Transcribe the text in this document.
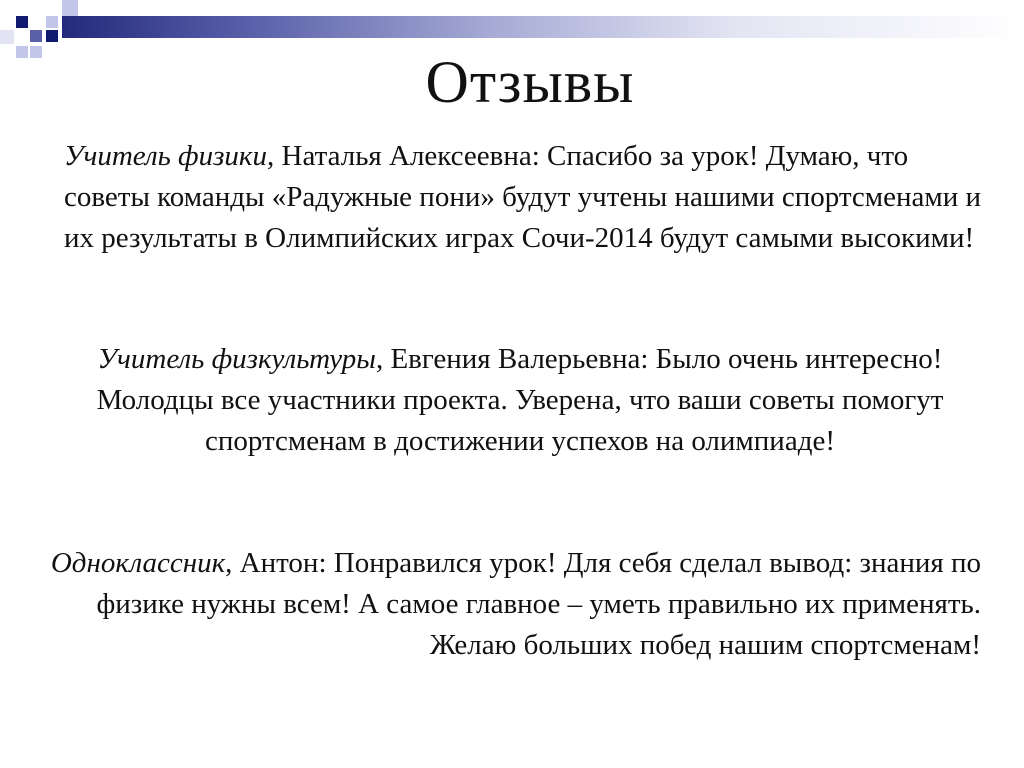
Отзывы

Учитель физики, Наталья Алексеевна: Спасибо за урок! Думаю, что советы команды «Радужные пони» будут учтены нашими спортсменами и их результаты в Олимпийских играх Сочи-2014 будут самыми высокими!

Учитель физкультуры, Евгения Валерьевна: Было очень интересно! Молодцы все участники проекта. Уверена, что ваши советы помогут спортсменам в достижении успехов на олимпиаде!

Одноклассник, Антон: Понравился урок! Для себя сделал вывод: знания по физике нужны всем! А самое главное – уметь правильно их применять. Желаю больших побед нашим спортсменам!
